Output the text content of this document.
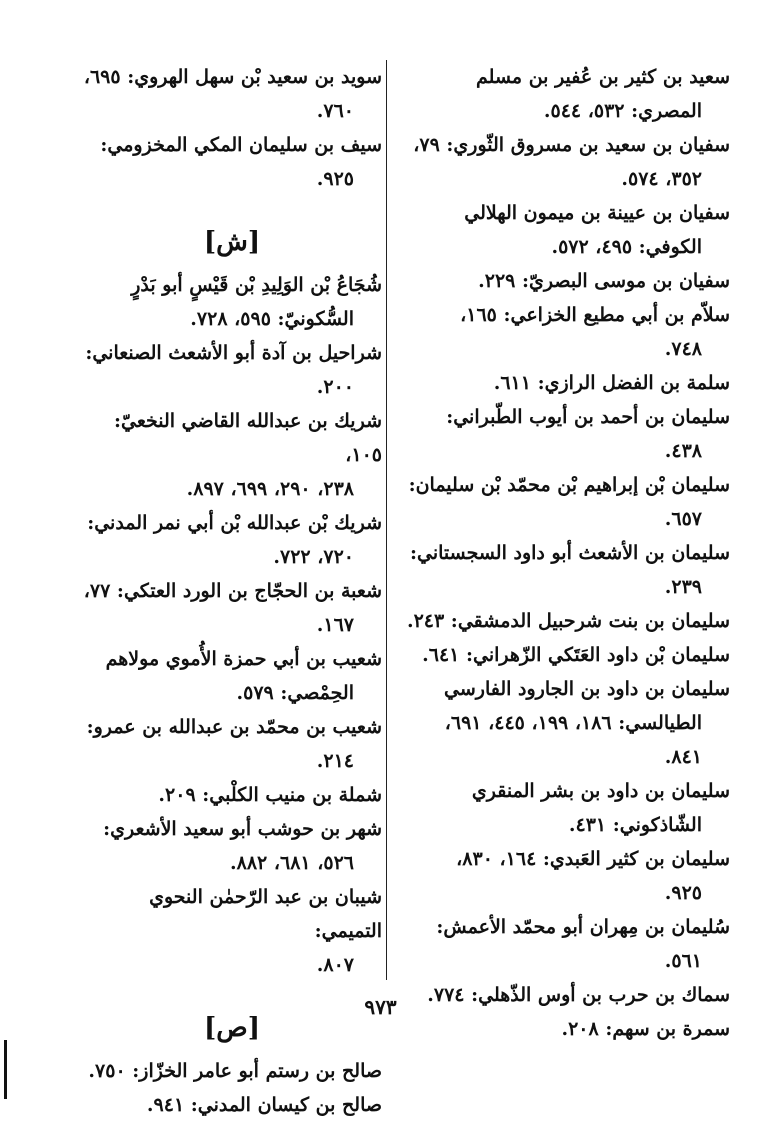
سعيد بن كثير بن عُفير بن مسلم
المصري: ٥٣٢، ٥٤٤.
سفيان بن سعيد بن مسروق الثّوري: ٧٩،
٣٥٢، ٥٧٤.
سفيان بن عيينة بن ميمون الهلالي
الكوفي: ٤٩٥، ٥٧٢.
سفيان بن موسى البصريّ: ٢٢٩.
سلاّم بن أبي مطيع الخزاعي: ١٦٥،
٧٤٨.
سلمة بن الفضل الرازي: ٦١١.
سليمان بن أحمد بن أيوب الطّبراني:
٤٣٨.
سليمان بْن إبراهيم بْن محمّد بْن سليمان:
٦٥٧.
سليمان بن الأشعث أبو داود السجستاني:
٢٣٩.
سليمان بن بنت شرحبيل الدمشقي: ٢٤٣.
سليمان بْن داود العَتَكي الزّهراني: ٦٤١.
سليمان بن داود بن الجارود الفارسي
الطيالسي: ١٨٦، ١٩٩، ٤٤٥، ٦٩١،
٨٤١.
سليمان بن داود بن بشر المنقري
الشّاذكوني: ٤٣١.
سليمان بن كثير العَبدي: ١٦٤، ٨٣٠،
٩٢٥.
سُليمان بن مِهران أبو محمّد الأعمش:
٥٦١.
سماك بن حرب بن أوس الذّهلي: ٧٧٤.
سمرة بن سهم: ٢٠٨.
سويد بن سعيد بْن سهل الهروي: ٦٩٥،
٧٦٠.
سيف بن سليمان المكي المخزومي:
٩٢٥.
[ش]
شُجَاعُ بْن الوَلِيدِ بْن قَيْسٍ أبو بَدْرٍ
السُّكونيّ: ٥٩٥، ٧٢٨.
شراحيل بن آدة أبو الأشعث الصنعاني:
٢٠٠.
شريك بن عبدالله القاضي النخعيّ: ١٠٥،
٢٣٨، ٢٩٠، ٦٩٩، ٨٩٧.
شريك بْن عبدالله بْن أبي نمر المدني:
٧٢٠، ٧٢٢.
شعبة بن الحجّاج بن الورد العتكي: ٧٧،
١٦٧.
شعيب بن أبي حمزة الأُموي مولاهم
الحِمْصي: ٥٧٩.
شعيب بن محمّد بن عبدالله بن عمرو:
٢١٤.
شملة بن منيب الكلْبي: ٢٠٩.
شهر بن حوشب أبو سعيد الأشعري:
٥٢٦، ٦٨١، ٨٨٢.
شيبان بن عبد الرّحمٰن النحوي التميمي:
٨٠٧.
[ص]
صالح بن رستم أبو عامر الخزّاز: ٧٥٠.
صالح بن كيسان المدني: ٩٤١.
٩٧٣
